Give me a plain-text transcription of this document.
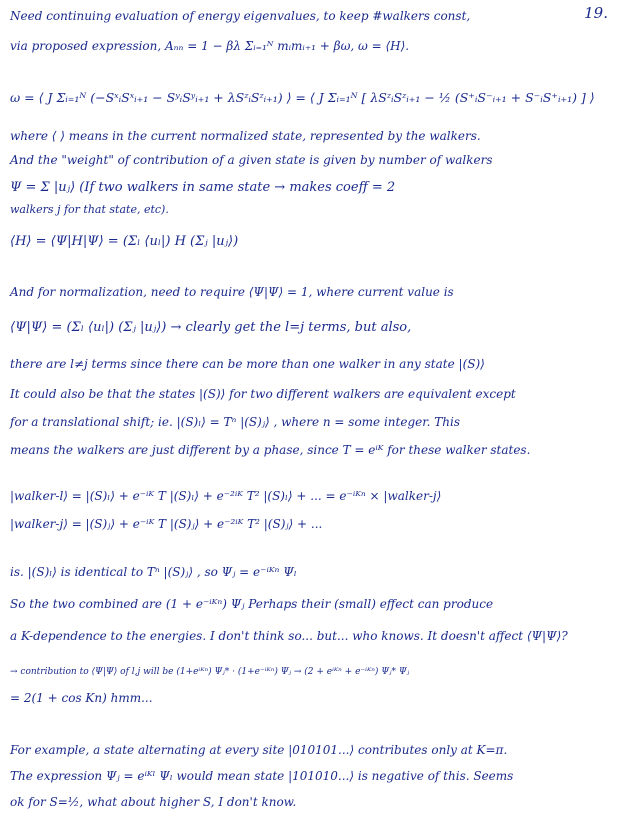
19.
Need continuing evaluation of energy eigenvalues, to keep #walkers const,
via proposed expression, Aₙₙ = 1 − βλ Σᵢ₌₁ᴺ mᵢmᵢ₊₁ + βω, ω = ⟨H⟩.
ω = ⟨ J Σᵢ₌₁ᴺ (−SˣᵢSˣᵢ₊₁ − SʸᵢSʸᵢ₊₁ + λSᶻᵢSᶻᵢ₊₁) ⟩ = ⟨ J Σᵢ₌₁ᴺ [ λSᶻᵢSᶻᵢ₊₁ − ½ (S⁺ᵢS⁻ᵢ₊₁ + S⁻ᵢS⁺ᵢ₊₁) ] ⟩
where ⟨ ⟩ means in the current normalized state, represented by the walkers.
And the "weight" of contribution of a given state is given by number of walkers
Ψ = Σ |uⱼ⟩ (If two walkers in same state → makes coeff = 2
walkers j for that state, etc).
⟨H⟩ = ⟨Ψ|H|Ψ⟩ = (Σₗ ⟨uₗ|) H (Σⱼ |uⱼ⟩)
And for normalization, need to require ⟨Ψ|Ψ⟩ = 1, where current value is
⟨Ψ|Ψ⟩ = (Σₗ ⟨uₗ|) (Σⱼ |uⱼ⟩) → clearly get the l=j terms, but also,
there are l≠j terms since there can be more than one walker in any state |(S)⟩
It could also be that the states |(S)⟩ for two different walkers are equivalent except
for a translational shift; ie. |(S)ₗ⟩ = Tⁿ |(S)ⱼ⟩ , where n = some integer. This
means the walkers are just different by a phase, since T = eⁱᴷ for these walker states.
|walker-l⟩ = |(S)ₗ⟩ + e⁻ⁱᴷ T |(S)ₗ⟩ + e⁻²ⁱᴷ T² |(S)ₗ⟩ + ... = e⁻ⁱᴷⁿ × |walker-j⟩
|walker-j⟩ = |(S)ⱼ⟩ + e⁻ⁱᴷ T |(S)ⱼ⟩ + e⁻²ⁱᴷ T² |(S)ⱼ⟩ + ...
is. |(S)ₗ⟩ is identical to Tⁿ |(S)ⱼ⟩ , so Ψⱼ = e⁻ⁱᴷⁿ Ψₗ
So the two combined are (1 + e⁻ⁱᴷⁿ) Ψⱼ Perhaps their (small) effect can produce
a K-dependence to the energies. I don't think so... but... who knows. It doesn't affect ⟨Ψ|Ψ⟩?
→ contribution to ⟨Ψ|Ψ⟩ of l,j will be (1+eⁱᴷⁿ) Ψⱼ* · (1+e⁻ⁱᴷⁿ) Ψⱼ → (2 + eⁱᴷⁿ + e⁻ⁱᴷⁿ) Ψⱼ* Ψⱼ
= 2(1 + cos Kn) hmm...
For example, a state alternating at every site |010101...⟩ contributes only at K=π.
The expression Ψⱼ = eⁱᴷˡ Ψₗ would mean state |101010...⟩ is negative of this. Seems
ok for S=½, what about higher S, I don't know.
